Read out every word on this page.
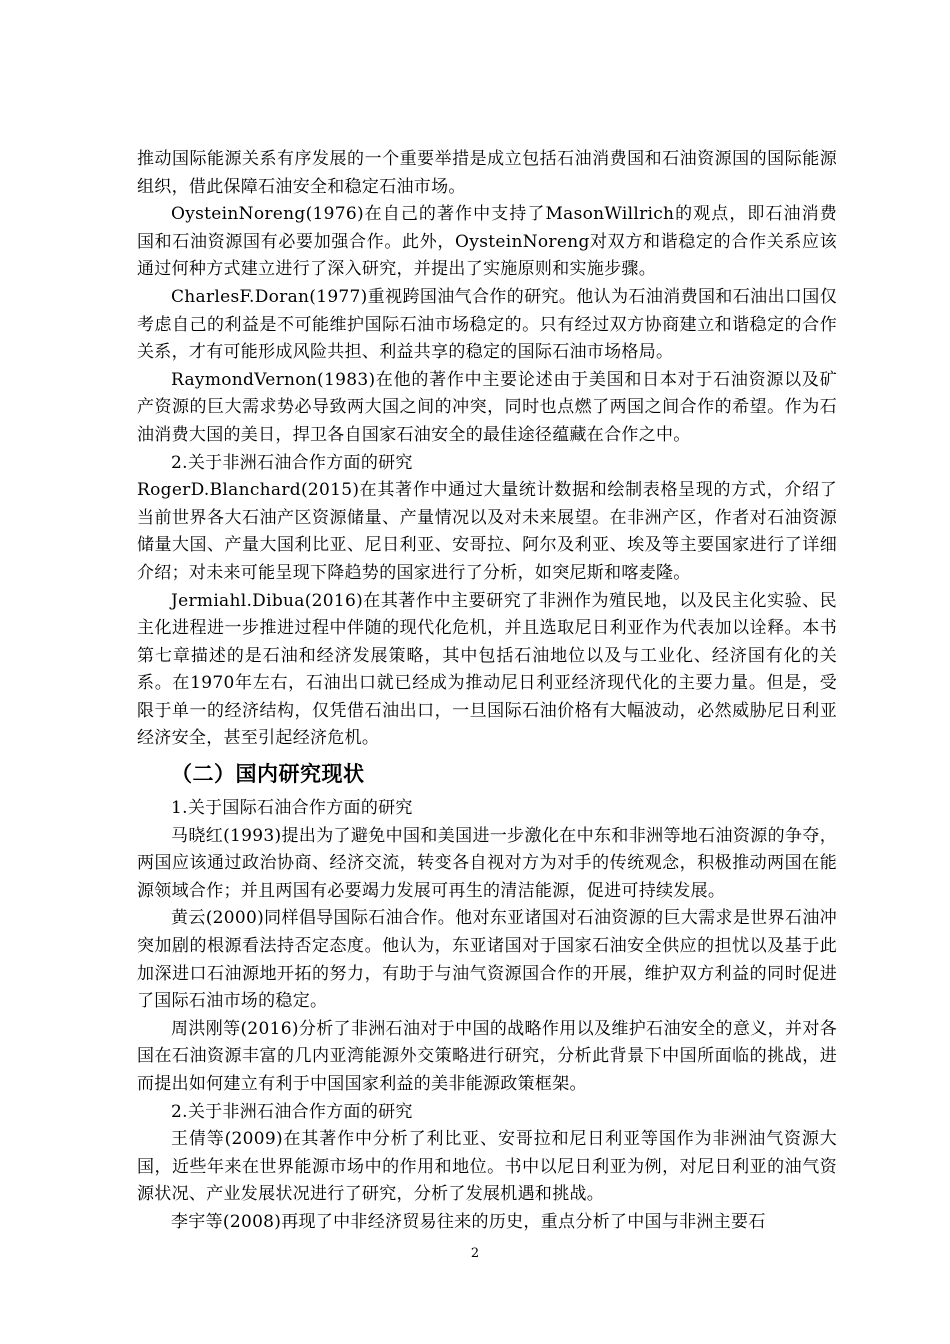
推动国际能源关系有序发展的一个重要举措是成立包括石油消费国和石油资源国的国际能源组织，借此保障石油安全和稳定石油市场。

OysteinNoreng(1976)在自己的著作中支持了MasonWillrich的观点，即石油消费国和石油资源国有必要加强合作。此外，OysteinNoreng对双方和谐稳定的合作关系应该通过何种方式建立进行了深入研究，并提出了实施原则和实施步骤。

CharlesF.Doran(1977)重视跨国油气合作的研究。他认为石油消费国和石油出口国仅考虑自己的利益是不可能维护国际石油市场稳定的。只有经过双方协商建立和谐稳定的合作关系，才有可能形成风险共担、利益共享的稳定的国际石油市场格局。

RaymondVernon(1983)在他的著作中主要论述由于美国和日本对于石油资源以及矿产资源的巨大需求势必导致两大国之间的冲突，同时也点燃了两国之间合作的希望。作为石油消费大国的美日，捍卫各自国家石油安全的最佳途径蕴藏在合作之中。

2.关于非洲石油合作方面的研究

RogerD.Blanchard(2015)在其著作中通过大量统计数据和绘制表格呈现的方式，介绍了当前世界各大石油产区资源储量、产量情况以及对未来展望。在非洲产区，作者对石油资源储量大国、产量大国利比亚、尼日利亚、安哥拉、阿尔及利亚、埃及等主要国家进行了详细介绍；对未来可能呈现下降趋势的国家进行了分析，如突尼斯和喀麦隆。

Jermiahl.Dibua(2016)在其著作中主要研究了非洲作为殖民地，以及民主化实验、民主化进程进一步推进过程中伴随的现代化危机，并且选取尼日利亚作为代表加以诠释。本书第七章描述的是石油和经济发展策略，其中包括石油地位以及与工业化、经济国有化的关系。在1970年左右，石油出口就已经成为推动尼日利亚经济现代化的主要力量。但是，受限于单一的经济结构，仅凭借石油出口，一旦国际石油价格有大幅波动，必然威胁尼日利亚经济安全，甚至引起经济危机。

（二）国内研究现状

1.关于国际石油合作方面的研究

马晓红(1993)提出为了避免中国和美国进一步激化在中东和非洲等地石油资源的争夺，两国应该通过政治协商、经济交流，转变各自视对方为对手的传统观念，积极推动两国在能源领域合作；并且两国有必要竭力发展可再生的清洁能源，促进可持续发展。

黄云(2000)同样倡导国际石油合作。他对东亚诸国对石油资源的巨大需求是世界石油冲突加剧的根源看法持否定态度。他认为，东亚诸国对于国家石油安全供应的担忧以及基于此加深进口石油源地开拓的努力，有助于与油气资源国合作的开展，维护双方利益的同时促进了国际石油市场的稳定。

周洪刚等(2016)分析了非洲石油对于中国的战略作用以及维护石油安全的意义，并对各国在石油资源丰富的几内亚湾能源外交策略进行研究，分析此背景下中国所面临的挑战，进而提出如何建立有利于中国国家利益的美非能源政策框架。

2.关于非洲石油合作方面的研究

王倩等(2009)在其著作中分析了利比亚、安哥拉和尼日利亚等国作为非洲油气资源大国，近些年来在世界能源市场中的作用和地位。书中以尼日利亚为例，对尼日利亚的油气资源状况、产业发展状况进行了研究，分析了发展机遇和挑战。

李宇等(2008)再现了中非经济贸易往来的历史，重点分析了中国与非洲主要石

2
